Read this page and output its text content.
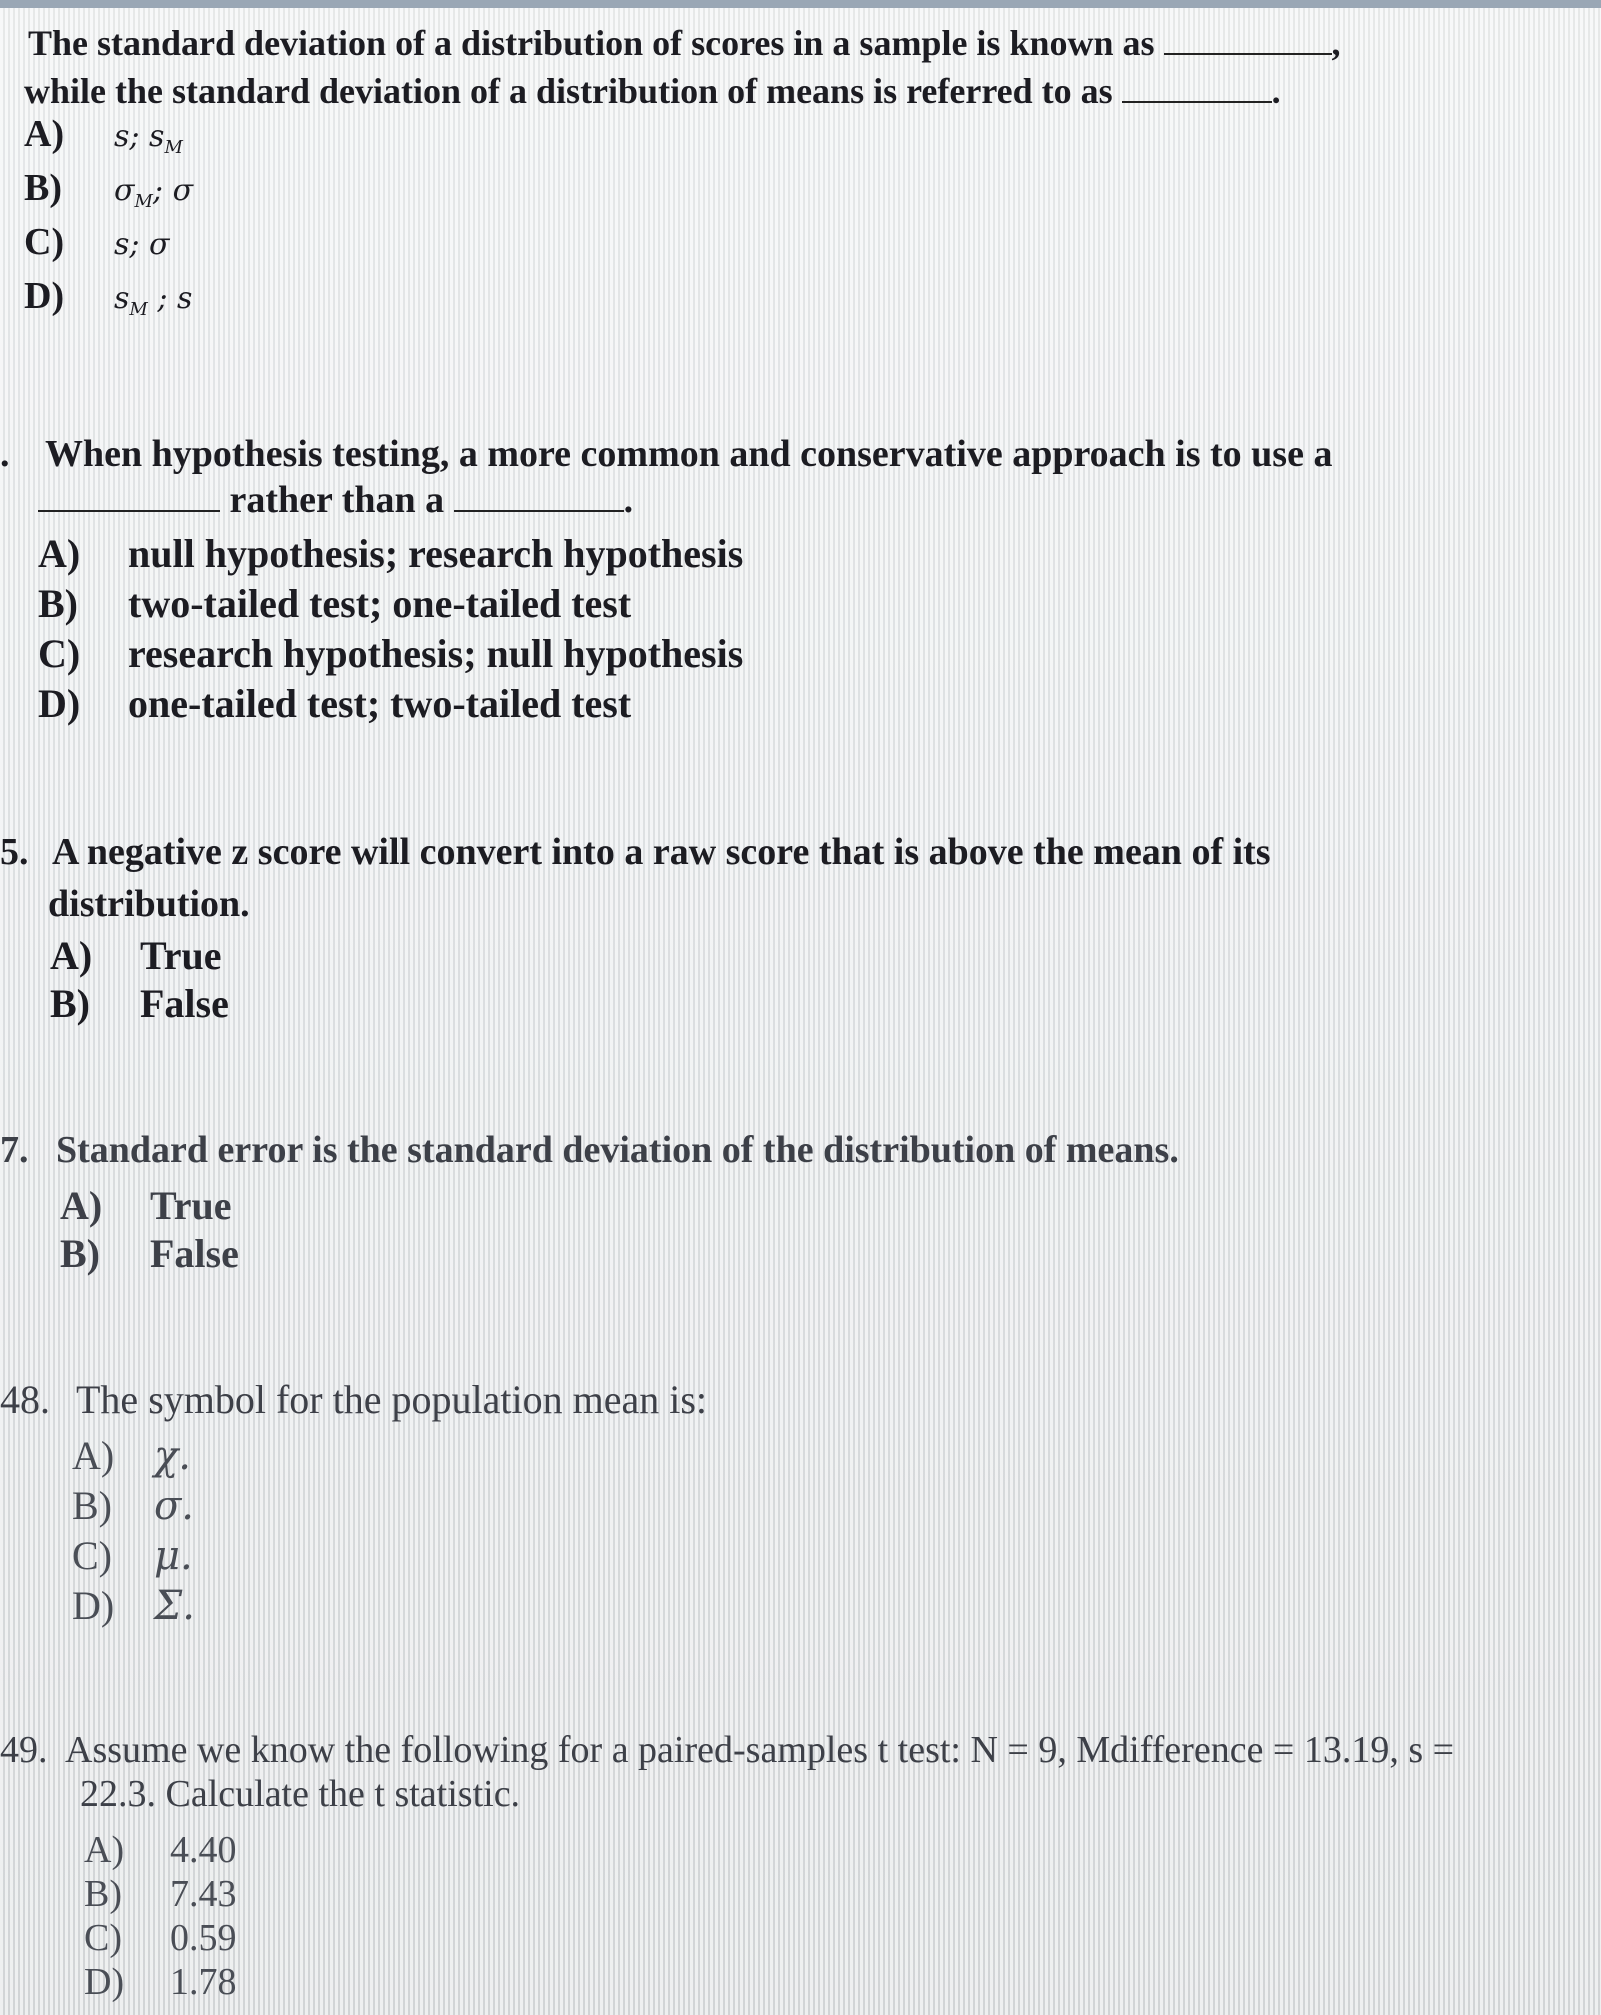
The standard deviation of a distribution of scores in a sample is known as	,

while the standard deviation of a distribution of means is referred to as	.

A) s; $s_M$
B) $\sigma_M$; σ
C) s; σ
D) $s_M$ ; s

. When hypothesis testing, a more common and conservative approach is to use a

rather than a	.

A) null hypothesis; research hypothesis
B) two-tailed test; one-tailed test
C) research hypothesis; null hypothesis
D) one-tailed test; two-tailed test

5. A negative z score will convert into a raw score that is above the mean of its

distribution.

A) True
B) False

7. Standard error is the standard deviation of the distribution of means.

A) True
B) False

48. The symbol for the population mean is:

A) χ.
B) σ.
C) μ.
D) Σ.

49. Assume we know the following for a paired-samples t test: N = 9, Mdifference = 13.19, s =

22.3. Calculate the t statistic.

A) 4.40
B) 7.43
C) 0.59
D) 1.78
